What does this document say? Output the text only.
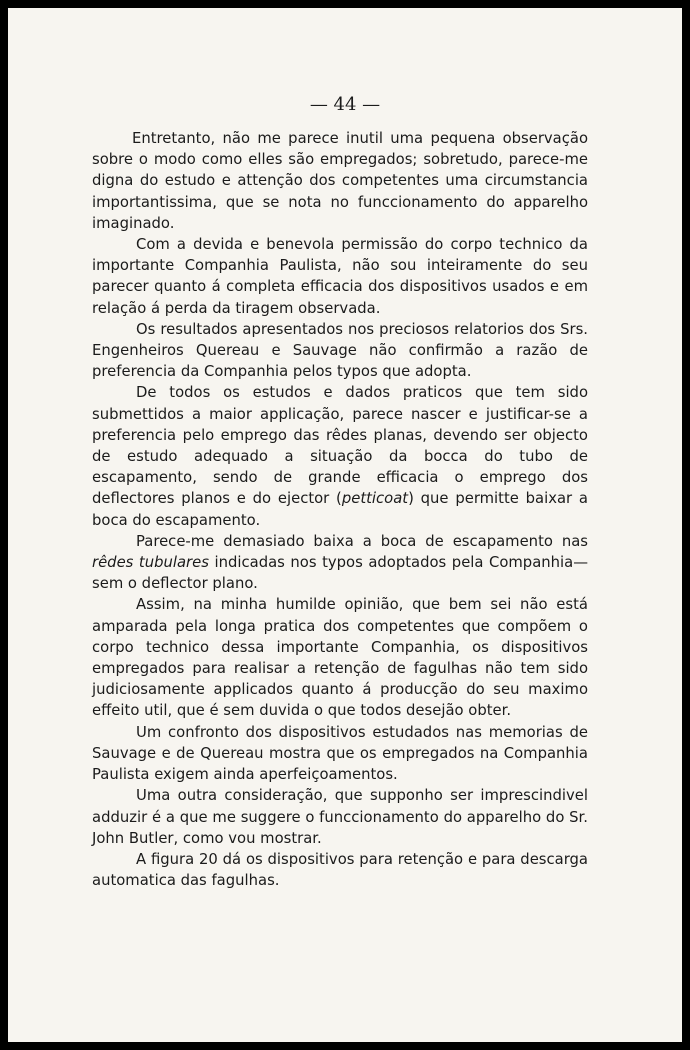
— 44 —

Entretanto, não me parece inutil uma pequena observação sobre o modo como elles são empregados; sobretudo, parece-me digna do estudo e attenção dos competentes uma circumstancia importantissima, que se nota no funccionamento do apparelho imaginado.

Com a devida e benevola permissão do corpo technico da importante Companhia Paulista, não sou inteiramente do seu parecer quanto á completa efficacia dos dispositivos usados e em relação á perda da tiragem observada.

Os resultados apresentados nos preciosos relatorios dos Srs. Engenheiros Quereau e Sauvage não confirmão a razão de preferencia da Companhia pelos typos que adopta.

De todos os estudos e dados praticos que tem sido submettidos a maior applicação, parece nascer e justificar-se a preferencia pelo emprego das rêdes planas, devendo ser objecto de estudo adequado a situação da bocca do tubo de escapamento, sendo de grande efficacia o emprego dos deflectores planos e do ejector (petticoat) que permitte baixar a boca do escapamento.

Parece-me demasiado baixa a boca de escapamento nas rêdes tubulares indicadas nos typos adoptados pela Companhia—sem o deflector plano.

Assim, na minha humilde opinião, que bem sei não está amparada pela longa pratica dos competentes que compõem o corpo technico dessa importante Companhia, os dispositivos empregados para realisar a retenção de fagulhas não tem sido judiciosamente applicados quanto á producção do seu maximo effeito util, que é sem duvida o que todos desejão obter.

Um confronto dos dispositivos estudados nas memorias de Sauvage e de Quereau mostra que os empregados na Companhia Paulista exigem ainda aperfeiçoamentos.

Uma outra consideração, que supponho ser imprescindivel adduzir é a que me suggere o funccionamento do apparelho do Sr. John Butler, como vou mostrar.

A figura 20 dá os dispositivos para retenção e para descarga automatica das fagulhas.
